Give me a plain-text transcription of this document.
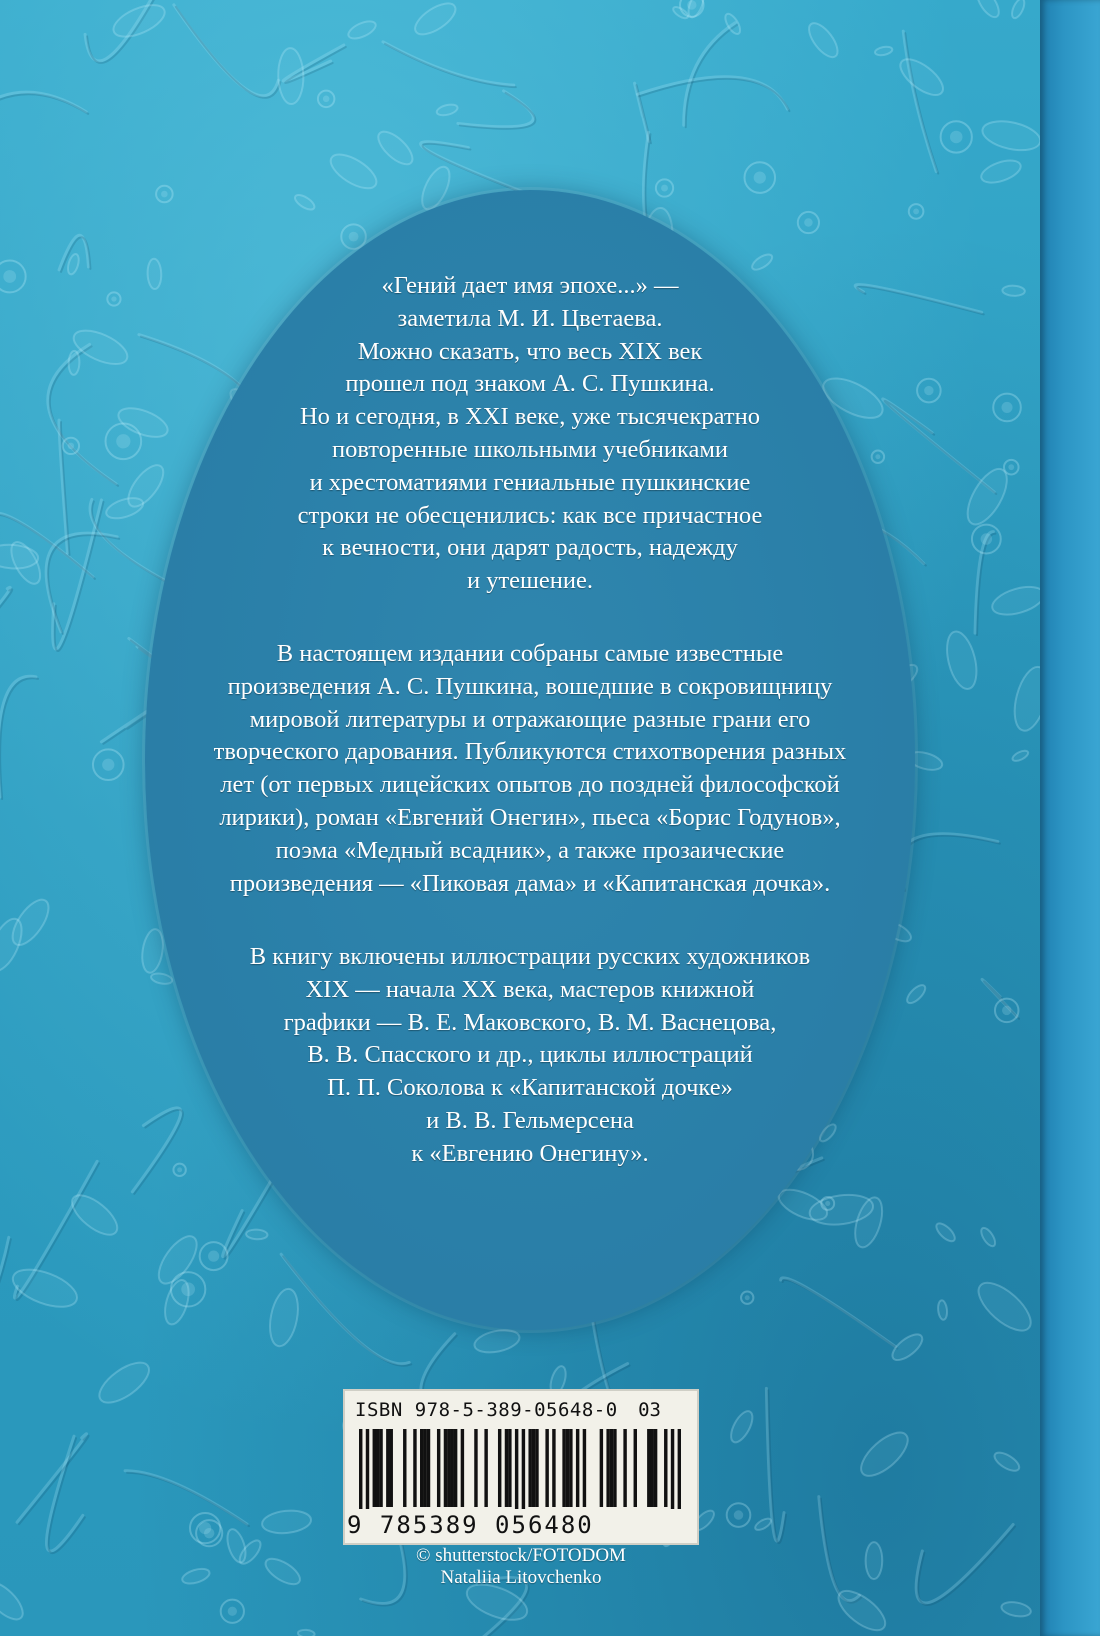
«Гений дает имя эпохе...» —
заметила М. И. Цветаева.
Можно сказать, что весь XIX век
прошел под знаком А. С. Пушкина.
Но и сегодня, в XXI веке, уже тысячекратно
повторенные школьными учебниками
и хрестоматиями гениальные пушкинские
строки не обесценились: как все причастное
к вечности, они дарят радость, надежду
и утешение.

В настоящем издании собраны самые известные
произведения А. С. Пушкина, вошедшие в сокровищницу
мировой литературы и отражающие разные грани его
творческого дарования. Публикуются стихотворения разных
лет (от первых лицейских опытов до поздней философской
лирики), роман «Евгений Онегин», пьеса «Борис Годунов»,
поэма «Медный всадник», а также прозаические
произведения — «Пиковая дама» и «Капитанская дочка».

В книгу включены иллюстрации русских художников
XIX — начала XX века, мастеров книжной
графики — В. Е. Маковского, В. М. Васнецова,
В. В. Спасского и др., циклы иллюстраций
П. П. Соколова к «Капитанской дочке»
и В. В. Гельмерсена
к «Евгению Онегину».

ISBN 978-5-389-05648-0 03
9 785389 056480
© shutterstock/FOTODOM
Nataliia Litovchenko
